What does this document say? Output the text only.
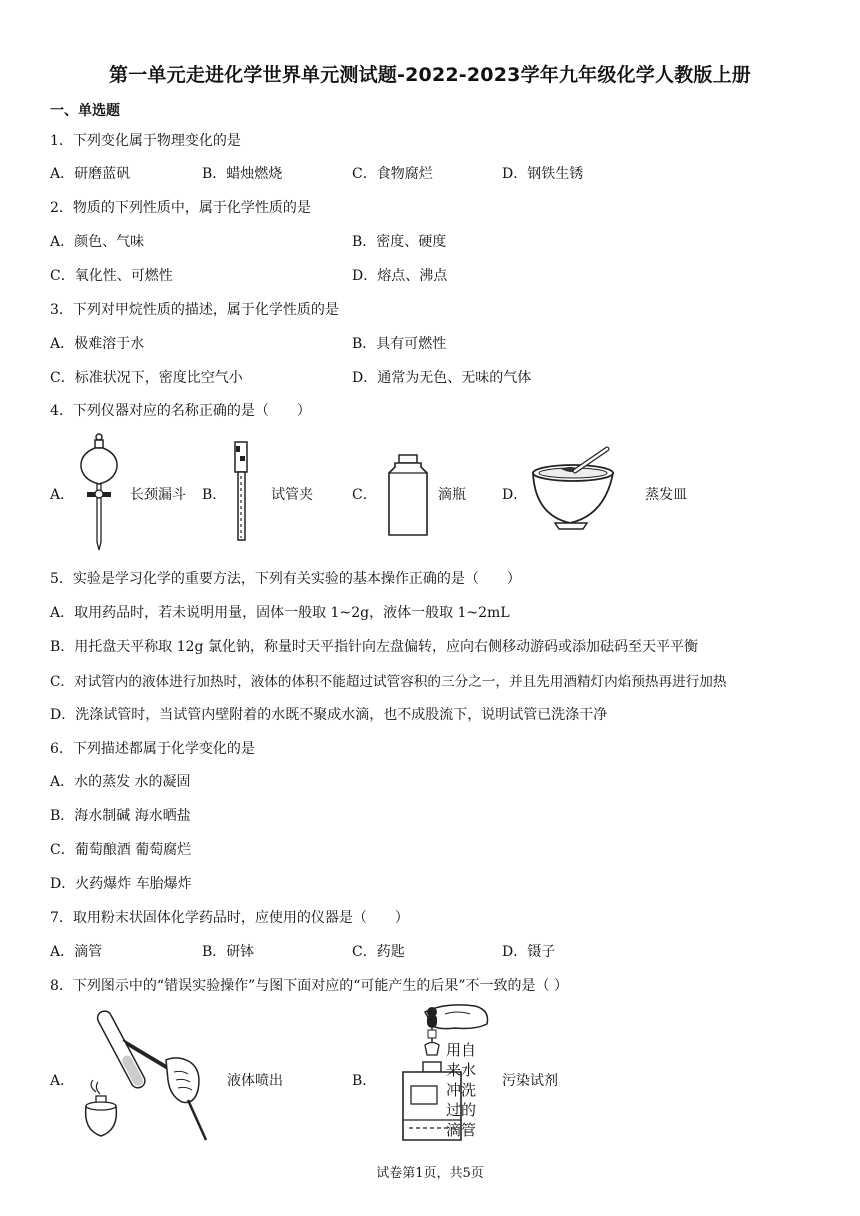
第一单元走进化学世界单元测试题-2022-2023学年九年级化学人教版上册
一、单选题
1．下列变化属于物理变化的是
A．研磨蓝矾	B．蜡烛燃烧	C．食物腐烂	D．钢铁生锈
2．物质的下列性质中，属于化学性质的是
A．颜色、气味	B．密度、硬度
C．氧化性、可燃性	D．熔点、沸点
3．下列对甲烷性质的描述，属于化学性质的是
A．极难溶于水	B．具有可燃性
C．标准状况下，密度比空气小	D．通常为无色、无味的气体
4．下列仪器对应的名称正确的是（　　）
A．	B．	C．	D．
长颈漏斗	试管夹	滴瓶	蒸发皿
5．实验是学习化学的重要方法，下列有关实验的基本操作正确的是（　　）
A．取用药品时，若未说明用量，固体一般取 1~2g，液体一般取 1~2mL
B．用托盘天平称取 12g 氯化钠，称量时天平指针向左盘偏转，应向右侧移动游码或添加砝码至天平平衡
C．对试管内的液体进行加热时，液体的体积不能超过试管容积的三分之一，并且先用酒精灯内焰预热再进行加热
D．洗涤试管时，当试管内壁附着的水既不聚成水滴，也不成股流下，说明试管已洗涤干净
6．下列描述都属于化学变化的是
A．水的蒸发 水的凝固
B．海水制碱 海水晒盐
C．葡萄酿酒 葡萄腐烂
D．火药爆炸 车胎爆炸
7．取用粉末状固体化学药品时，应使用的仪器是（　　）
A．滴管	B．研钵	C．药匙	D．镊子
8．下列图示中的“错误实验操作”与图下面对应的“可能产生的后果”不一致的是（ ）
A．	B．
液体喷出	污染试剂
用自
来水
冲洗
过的
滴管
试卷第1页，共5页
